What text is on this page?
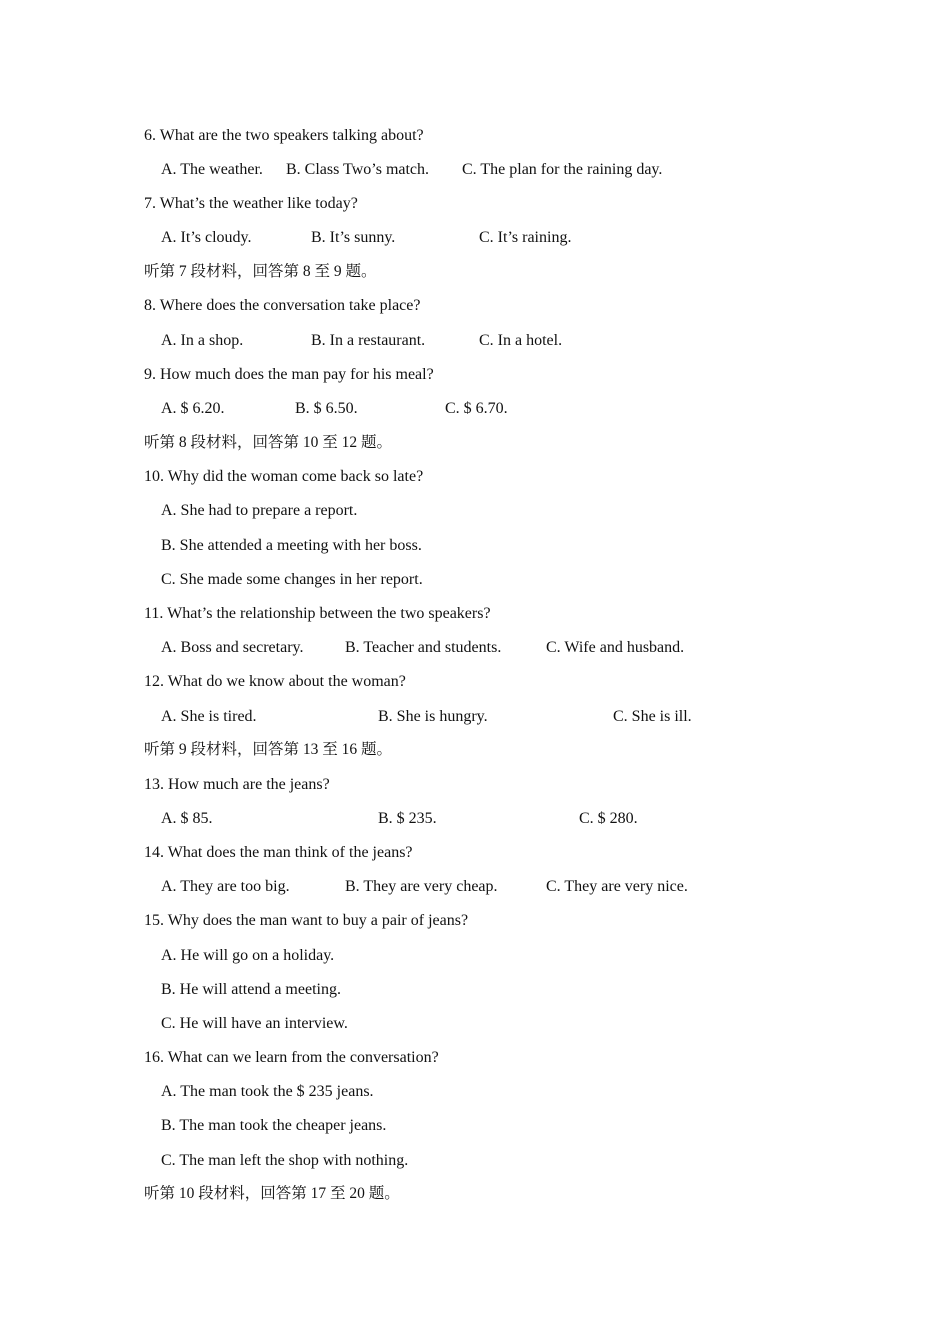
6. What are the two speakers talking about?
A. The weather. B. Class Two’s match. C. The plan for the raining day.
7. What’s the weather like today?
A. It’s cloudy.	B. It’s sunny.	C. It’s raining.
听第 7 段材料，回答第 8 至 9 题。
8. Where does the conversation take place?
A. In a shop.	B. In a restaurant.	C. In a hotel.
9. How much does the man pay for his meal?
A. $ 6.20.	B. $ 6.50.	C. $ 6.70.
听第 8 段材料，回答第 10 至 12 题。
10. Why did the woman come back so late?
A. She had to prepare a report.
B. She attended a meeting with her boss.
C. She made some changes in her report.
11. What’s the relationship between the two speakers?
A. Boss and secretary.	B. Teacher and students.	C. Wife and husband.
12. What do we know about the woman?
A. She is tired.	B. She is hungry.	C. She is ill.
听第 9 段材料，回答第 13 至 16 题。
13. How much are the jeans?
A. $ 85.	B. $ 235.	C. $ 280.
14. What does the man think of the jeans?
A. They are too big.	B. They are very cheap.	C. They are very nice.
15. Why does the man want to buy a pair of jeans?
A. He will go on a holiday.
B. He will attend a meeting.
C. He will have an interview.
16. What can we learn from the conversation?
A. The man took the $ 235 jeans.
B. The man took the cheaper jeans.
C. The man left the shop with nothing.
听第 10 段材料，回答第 17 至 20 题。
